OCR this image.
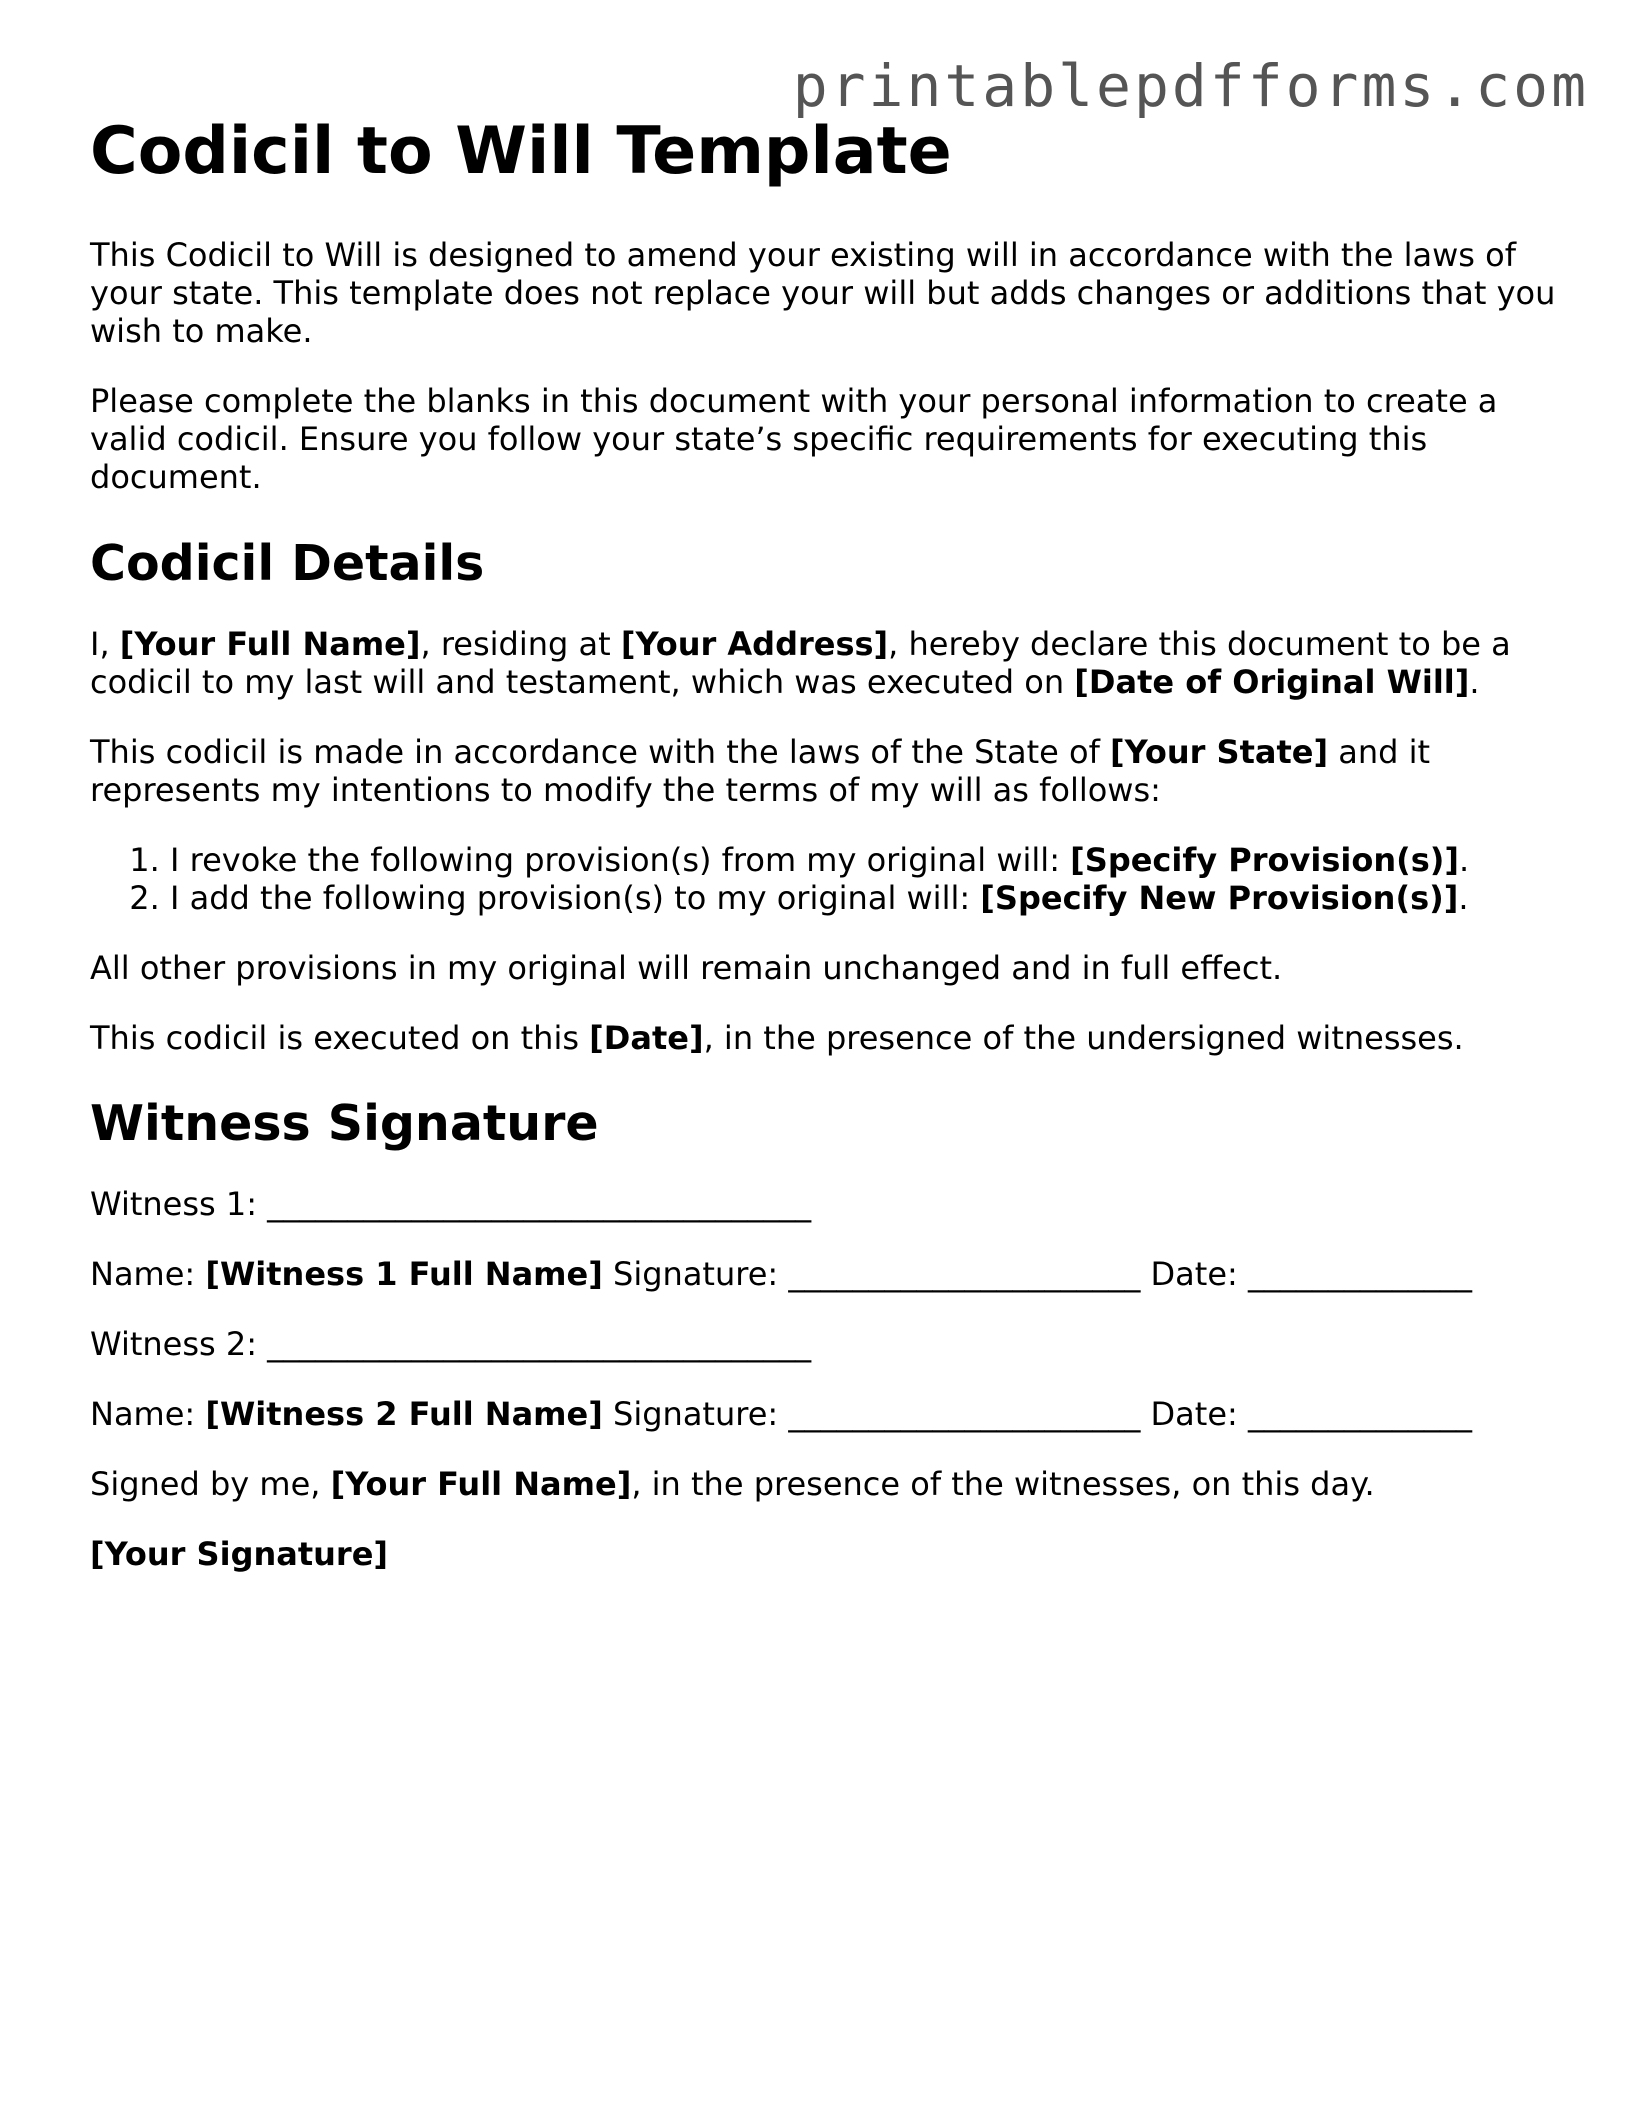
printablepdfforms.com
Codicil to Will Template

This Codicil to Will is designed to amend your existing will in accordance with the laws of your state. This template does not replace your will but adds changes or additions that you wish to make.

Please complete the blanks in this document with your personal information to create a valid codicil. Ensure you follow your state’s specific requirements for executing this document.

Codicil Details

I, [Your Full Name], residing at [Your Address], hereby declare this document to be a codicil to my last will and testament, which was executed on [Date of Original Will].

This codicil is made in accordance with the laws of the State of [Your State] and it represents my intentions to modify the terms of my will as follows:

1. I revoke the following provision(s) from my original will: [Specify Provision(s)].
2. I add the following provision(s) to my original will: [Specify New Provision(s)].

All other provisions in my original will remain unchanged and in full effect.

This codicil is executed on this [Date], in the presence of the undersigned witnesses.

Witness Signature

Witness 1: __________________________________

Name: [Witness 1 Full Name] Signature: ______________________ Date: ______________

Witness 2: __________________________________

Name: [Witness 2 Full Name] Signature: ______________________ Date: ______________

Signed by me, [Your Full Name], in the presence of the witnesses, on this day.

[Your Signature]
